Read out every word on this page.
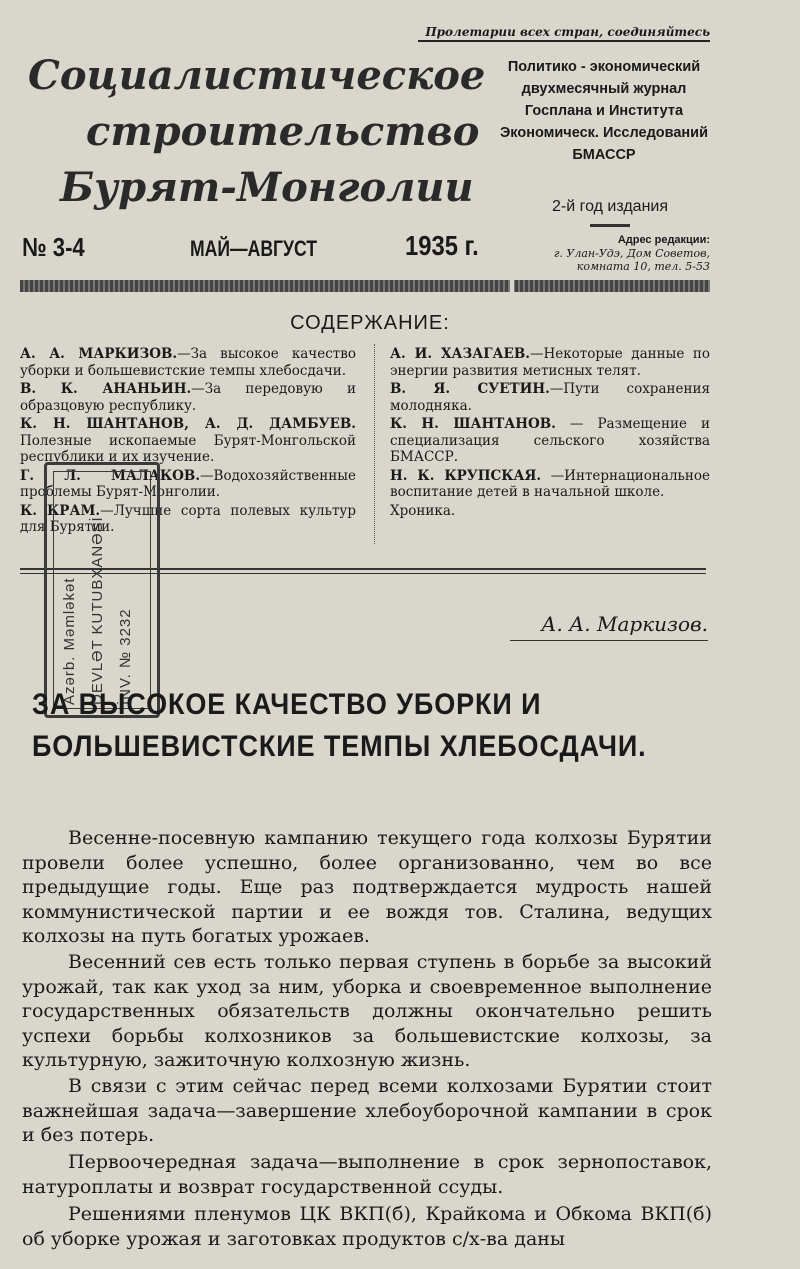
Пролетарии всех стран, соединяйтесь
Социалистическое
строительство
Бурят-Монголии
Политико - экономический
двухмесячный журнал
Госплана и Института
Экономическ. Исследований
БМАССР
2-й год издания
№ 3-4	МАЙ—АВГУСТ	1935 г.	Адрес редакции:
г. Улан-Удэ, Дом Советов,
комната 10, тел. 5-53
СОДЕРЖАНИЕ:
А. А. МАРКИЗОВ.—За высокое качество уборки и большевистские темпы хлебосдачи.
В. К. АНАНЬИН.—За передовую и образцовую республику.
К. Н. ШАНТАНОВ, А. Д. ДАМБУЕВ. Полезные ископаемые Бурят-Монгольской республики и их изучение.
Г. Л. МАЛАКОВ.—Водохозяйственные проблемы Бурят-Монголии.
К. КРАМ.—Лучшие сорта полевых культур для Бурятии.
А. И. ХАЗАГАЕВ.—Некоторые данные по энергии развития метисных телят.
В. Я. СУЕТИН.—Пути сохранения молодняка.
К. Н. ШАНТАНОВ. — Размещение и специализация сельского хозяйства БМАССР.
Н. К. КРУПСКАЯ. —Интернациональное воспитание детей в начальной школе.
Хроника.
Azərb. Məmləkət DEVLƏT KUTUBXANƏSİ İNV. № 3232	А. А. Маркизов.
ЗА ВЫСОКОЕ КАЧЕСТВО УБОРКИ И
БОЛЬШЕВИСТСКИЕ ТЕМПЫ ХЛЕБОСДАЧИ.
Весенне-посевную кампанию текущего года колхозы Бурятии провели более успешно, более организованно, чем во все предыдущие годы. Еще раз подтверждается мудрость нашей коммунистической партии и ее вождя тов. Сталина, ведущих колхозы на путь богатых урожаев.
Весенний сев есть только первая ступень в борьбе за высокий урожай, так как уход за ним, уборка и своевременное выполнение государственных обязательств должны окончательно решить успехи борьбы колхозников за большевистские колхозы, за культурную, зажиточную колхозную жизнь.
В связи с этим сейчас перед всеми колхозами Бурятии стоит важнейшая задача—завершение хлебоуборочной кампании в срок и без потерь.
Первоочередная задача—выполнение в срок зернопоставок, натуроплаты и возврат государственной ссуды.
Решениями пленумов ЦК ВКП(б), Крайкома и Обкома ВКП(б) об уборке урожая и заготовках продуктов с/х-ва даны
